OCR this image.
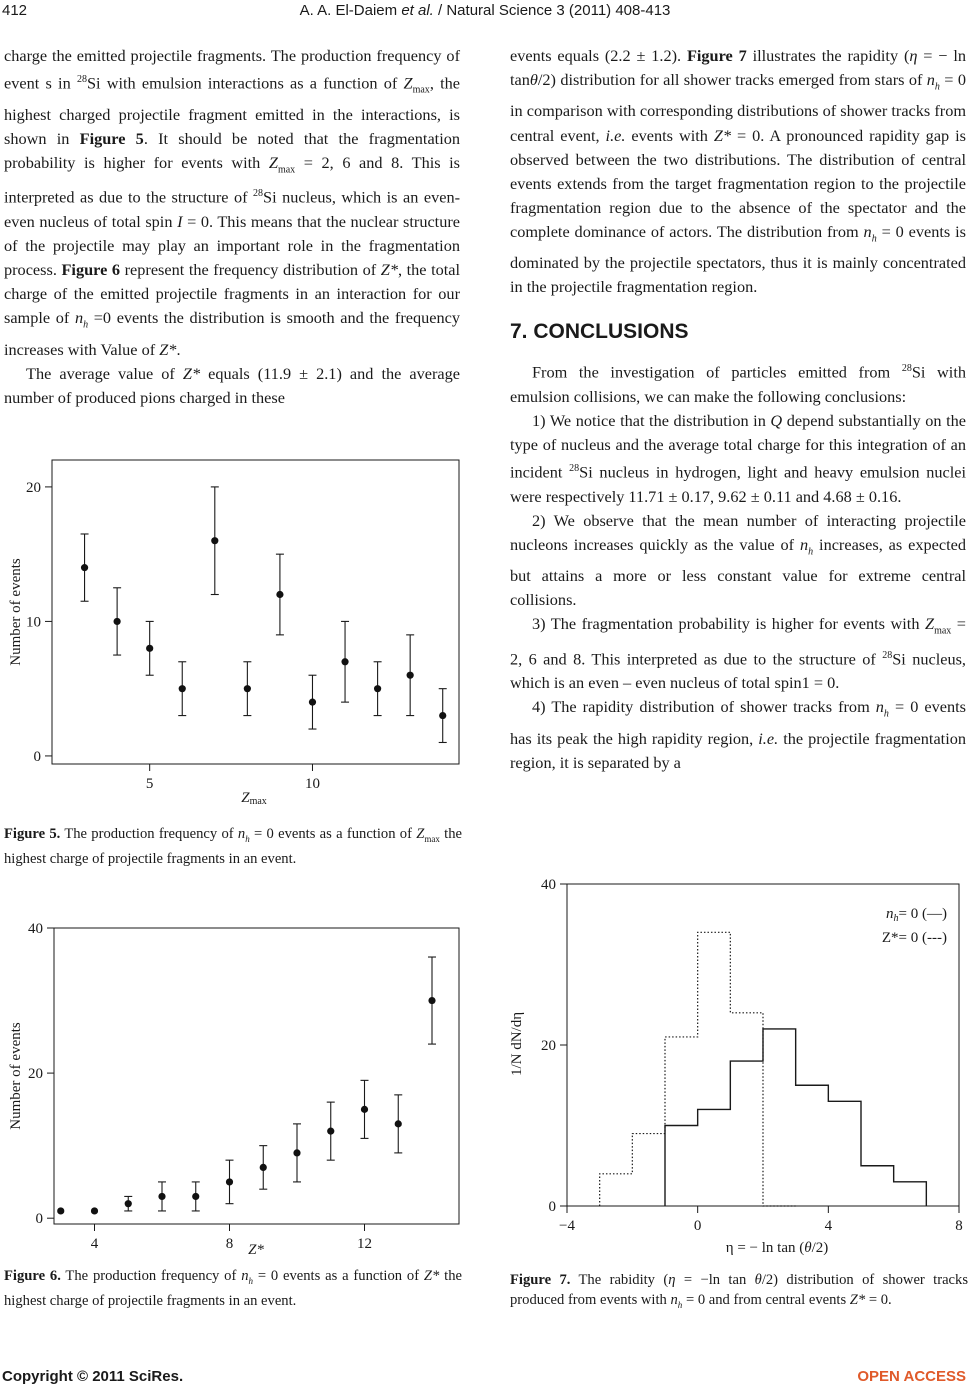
412	A. A. El-Daiem et al. / Natural Science 3 (2011) 408-413

charge the emitted projectile fragments. The production frequency of event s in $^{28}$Si with emulsion interactions as a function of $Z_{max}$, the highest charged projectile fragment emitted in the interactions, is shown in Figure 5. It should be noted that the fragmentation probability is higher for events with $Z_{max} = 2$, 6 and 8. This is interpreted as due to the structure of $^{28}$Si nucleus, which is an even-even nucleus of total spin I = 0. This means that the nuclear structure of the projectile may play an important role in the fragmentation process. Figure 6 represent the frequency distribution of Z*, the total charge of the emitted projectile fragments in an interaction for our sample of $n_h =0$ events the distribution is smooth and the frequency increases with Value of Z*.

The average value of Z* equals (11.9 ± 2.1) and the average number of produced pions charged in these

events equals (2.2 ± 1.2). Figure 7 illustrates the rapidity (η = − ln tanθ/2) distribution for all shower tracks emerged from stars of $n_h = 0$ in comparison with corresponding distributions of shower tracks from central event, i.e. events with Z* = 0. A pronounced rapidity gap is observed between the two distributions. The distribution of central events extends from the target fragmentation region to the projectile fragmentation region due to the absence of the spectator and the complete dominance of actors. The distribution from $n_h = 0$ events is dominated by the projectile spectators, thus it is mainly concentrated in the projectile fragmentation region.

7. CONCLUSIONS

From the investigation of particles emitted from $^{28}$Si with emulsion collisions, we can make the following conclusions:

1) We notice that the distribution in Q depend substantially on the type of nucleus and the average total charge for this integration of an incident $^{28}$Si nucleus in hydrogen, light and heavy emulsion nuclei were respectively 11.71 ± 0.17, 9.62 ± 0.11 and 4.68 ± 0.16.

2) We observe that the mean number of interacting projectile nucleons increases quickly as the value of $n_h$ increases, as expected but attains a more or less constant value for extreme central collisions.

3) The fragmentation probability is higher for events with $Z_{max} = 2$, 6 and 8. This interpreted as due to the structure of $^{28}$Si nucleus, which is an even – even nucleus of total spin1 = 0.

4) The rapidity distribution of shower tracks from $n_h = 0$ events has its peak the high rapidity region, i.e. the projectile fragmentation region, it is separated by a

Number of events
Zmax
5	10
0
10
20
Figure 5. The production frequency of $n_h = 0$ events as a function of $Z_{max}$ the highest charge of projectile fragments in an event.
Number of events
Z*
4	8	12
0
20
40
Figure 6. The production frequency of $n_h = 0$ events as a function of Z* the highest charge of projectile fragments in an event.
1/N dN/dη
η = − ln tan (θ/2)
$n_h= 0$ (—)
Z*= 0 (---)
−4	0	4	8
0
20
40
Figure 7. The rabidity (η = −ln tan θ/2) distribution of shower tracks produced from events with $n_h = 0$ and from central events Z* = 0.
Copyright © 2011 SciRes.	OPEN ACCESS
